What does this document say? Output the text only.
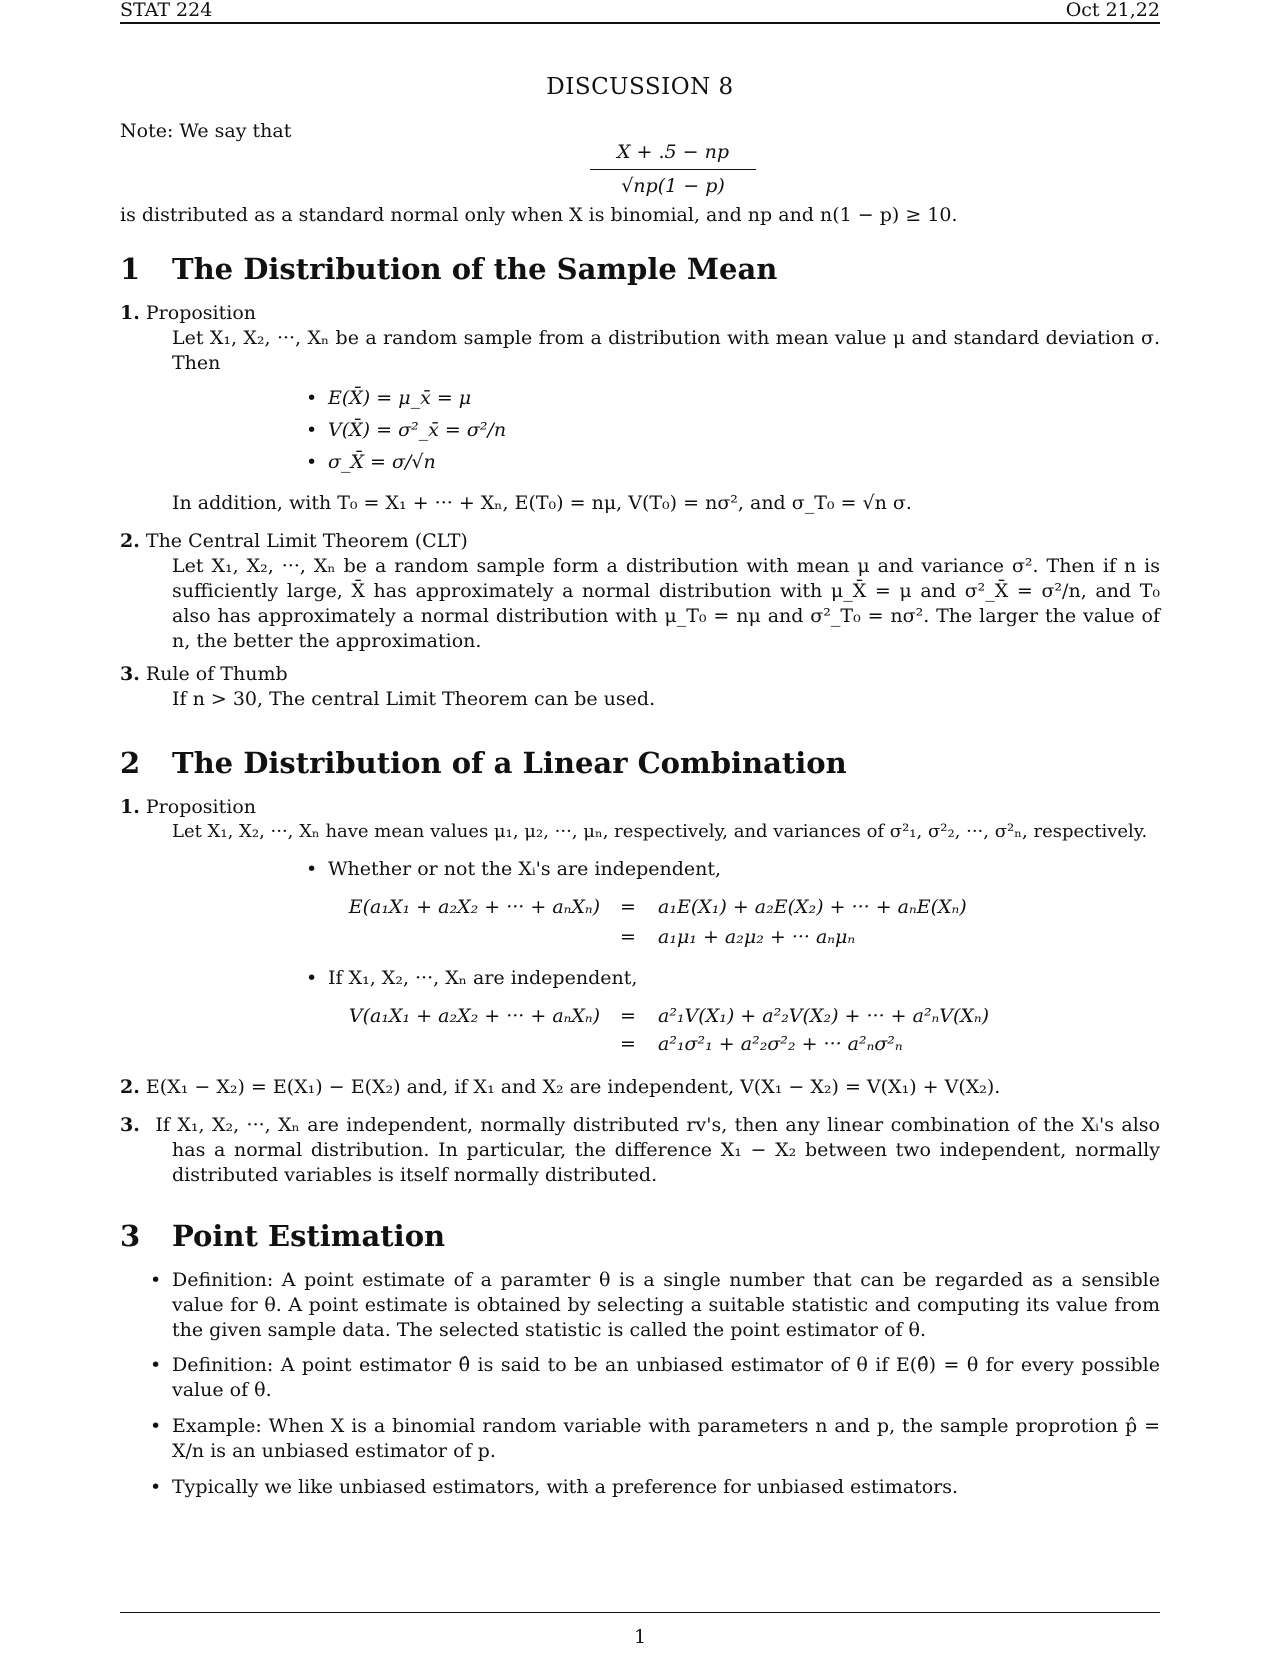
STAT 224	Oct 21,22
DISCUSSION 8
Note: We say that
$\frac{X + .5 - np}{√np(1 - p)}$
is distributed as a standard normal only when X is binomial, and np and n(1 − p) ≥ 10.
1 The Distribution of the Sample Mean
1. Proposition
Let X₁, X₂, ···, Xₙ be a random sample from a distribution with mean value μ and standard deviation σ. Then
• E(X̄) = μ_x̄ = μ
• V(X̄) = σ²_x̄ = σ²/n
• σ_X̄ = σ/√n
In addition, with T₀ = X₁ + ··· + Xₙ, E(T₀) = nμ, V(T₀) = nσ², and σ_T₀ = √n σ.
2. The Central Limit Theorem (CLT)
Let X₁, X₂, ···, Xₙ be a random sample form a distribution with mean μ and variance σ². Then if n is sufficiently large, X̄ has approximately a normal distribution with μ_X̄ = μ and σ²_X̄ = σ²/n, and T₀ also has approximately a normal distribution with μ_T₀ = nμ and σ²_T₀ = nσ². The larger the value of n, the better the approximation.
3. Rule of Thumb
If n > 30, The central Limit Theorem can be used.
2 The Distribution of a Linear Combination
1. Proposition
Let X₁, X₂, ···, Xₙ have mean values μ₁, μ₂, ···, μₙ, respectively, and variances of σ²₁, σ²₂, ···, σ²ₙ, respectively.
• Whether or not the Xᵢ's are independent,
E(a₁X₁ + a₂X₂ + ··· + aₙXₙ) = a₁E(X₁) + a₂E(X₂) + ··· + aₙE(Xₙ)
= a₁μ₁ + a₂μ₂ + ··· aₙμₙ
• If X₁, X₂, ···, Xₙ are independent,
V(a₁X₁ + a₂X₂ + ··· + aₙXₙ) = a²₁V(X₁) + a²₂V(X₂) + ··· + a²ₙV(Xₙ)
= a²₁σ²₁ + a²₂σ²₂ + ··· a²ₙσ²ₙ
2. E(X₁ − X₂) = E(X₁) − E(X₂) and, if X₁ and X₂ are independent, V(X₁ − X₂) = V(X₁) + V(X₂).
3. If X₁, X₂, ···, Xₙ are independent, normally distributed rv's, then any linear combination of the Xᵢ's also has a normal distribution. In particular, the difference X₁ − X₂ between two independent, normally distributed variables is itself normally distributed.
3 Point Estimation
• Definition: A point estimate of a paramter θ is a single number that can be regarded as a sensible value for θ. A point estimate is obtained by selecting a suitable statistic and computing its value from the given sample data. The selected statistic is called the point estimator of θ.
• Definition: A point estimator θ̂ is said to be an unbiased estimator of θ if E(θ̂) = θ for every possible value of θ.
• Example: When X is a binomial random variable with parameters n and p, the sample proprotion p̂ = X/n is an unbiased estimator of p.
• Typically we like unbiased estimators, with a preference for unbiased estimators.
1
